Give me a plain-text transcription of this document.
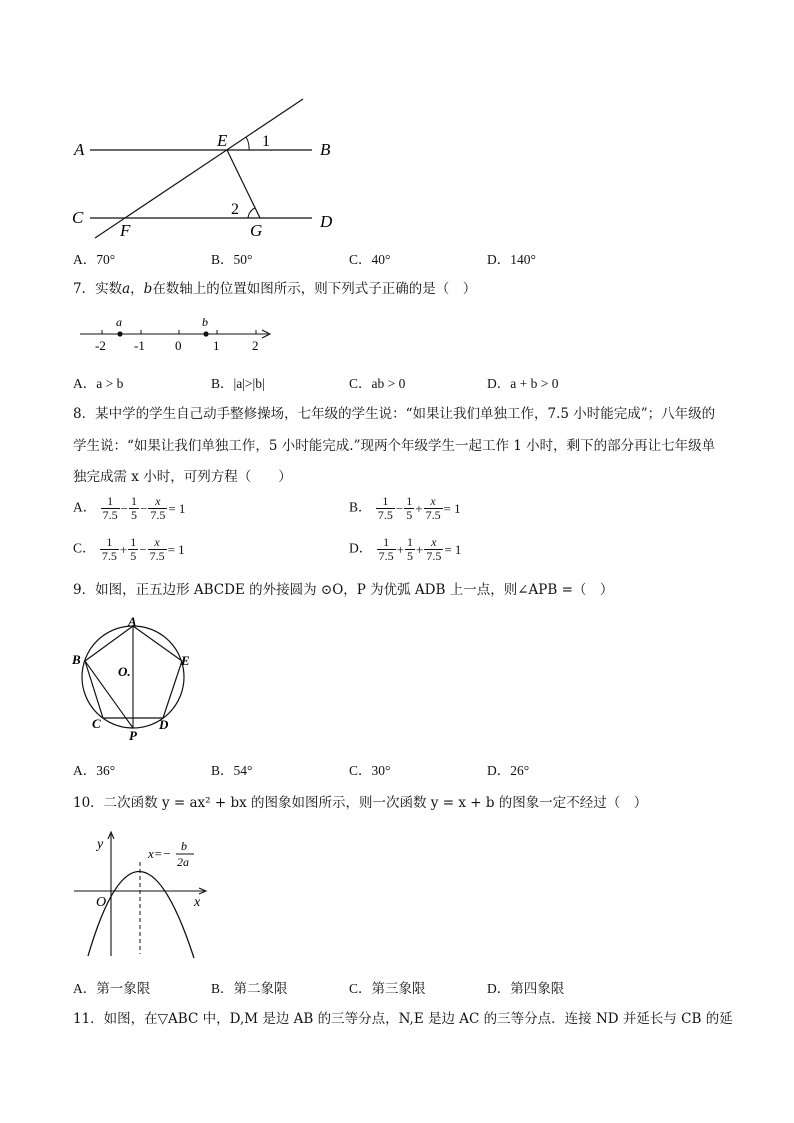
A	B
C	D
E
F	G
1
2
A．70°	B．50°	C．40°	D．140°
7．实数a，b在数轴上的位置如图所示，则下列式子正确的是（　）
a	b
-2 -1 0 1	2
A．a > b	B．|a|>|b|	C．ab > 0	D．a + b > 0
8．某中学的学生自己动手整修操场，七年级的学生说：“如果让我们单独工作，7.5 小时能完成”；八年级的
学生说：“如果让我们单独工作，5 小时能完成.”现两个年级学生一起工作 1 小时，剩下的部分再让七年级单
独完成需 x 小时，可列方程（　　）
A． $\frac{1}{7.5} - \frac{1}{5} - \frac{x}{7.5} = 1$	B． $\frac{1}{7.5} - \frac{1}{5} + \frac{x}{7.5} = 1$
C． $\frac{1}{7.5} + \frac{1}{5} - \frac{x}{7.5} = 1$	D． $\frac{1}{7.5} + \frac{1}{5} + \frac{x}{7.5} = 1$
9．如图，正五边形 ABCDE 的外接圆为 ⊙O，P 为优弧 ADB 上一点，则∠APB =（　）
A
B	E
C	D
O.
P
A．36°	B．54°	C．30°	D．26°
10．二次函数 y = ax² + bx 的图象如图所示，则一次函数 y = x + b 的图象一定不经过（　）
y
x
O
x=− b
2a
A．第一象限	B．第二象限	C．第三象限	D．第四象限
11．如图，在▽ABC 中，D,M 是边 AB 的三等分点，N,E 是边 AC 的三等分点．连接 ND 并延长与 CB 的延
